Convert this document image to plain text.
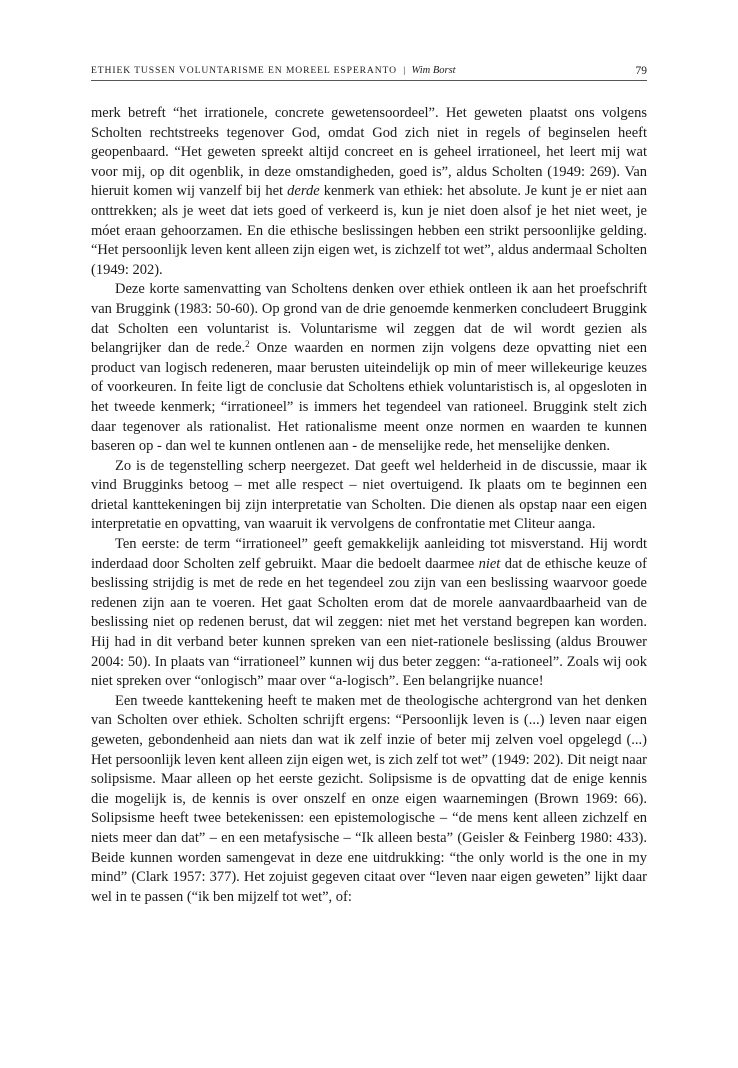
ETHIEK TUSSEN VOLUNTARISME EN MOREEL ESPERANTO | Wim Borst	79

merk betreft “het irrationele, concrete gewetensoordeel”. Het geweten plaatst ons volgens Scholten rechtstreeks tegenover God, omdat God zich niet in regels of beginselen heeft geopenbaard. “Het geweten spreekt altijd concreet en is geheel irrationeel, het leert mij wat voor mij, op dit ogenblik, in deze omstandigheden, goed is”, aldus Scholten (1949: 269). Van hieruit komen wij vanzelf bij het derde kenmerk van ethiek: het absolute. Je kunt je er niet aan onttrekken; als je weet dat iets goed of verkeerd is, kun je niet doen alsof je het niet weet, je móet eraan gehoorzamen. En die ethische beslissingen hebben een strikt persoonlijke gelding. “Het persoonlijk leven kent alleen zijn eigen wet, is zichzelf tot wet”, aldus andermaal Scholten (1949: 202).

Deze korte samenvatting van Scholtens denken over ethiek ontleen ik aan het proefschrift van Bruggink (1983: 50-60). Op grond van de drie genoemde kenmerken concludeert Bruggink dat Scholten een voluntarist is. Voluntarisme wil zeggen dat de wil wordt gezien als belangrijker dan de rede.$^2$ Onze waarden en normen zijn volgens deze opvatting niet een product van logisch redeneren, maar berusten uiteindelijk op min of meer willekeurige keuzes of voorkeuren. In feite ligt de conclusie dat Scholtens ethiek voluntaristisch is, al opgesloten in het tweede kenmerk; “irrationeel” is immers het tegendeel van rationeel. Bruggink stelt zich daar tegenover als rationalist. Het rationalisme meent onze normen en waarden te kunnen baseren op - dan wel te kunnen ontlenen aan - de menselijke rede, het menselijke denken.

Zo is de tegenstelling scherp neergezet. Dat geeft wel helderheid in de discussie, maar ik vind Brugginks betoog – met alle respect – niet overtuigend. Ik plaats om te beginnen een drietal kanttekeningen bij zijn interpretatie van Scholten. Die dienen als opstap naar een eigen interpretatie en opvatting, van waaruit ik vervolgens de confrontatie met Cliteur aanga.

Ten eerste: de term “irrationeel” geeft gemakkelijk aanleiding tot misverstand. Hij wordt inderdaad door Scholten zelf gebruikt. Maar die bedoelt daarmee niet dat de ethische keuze of beslissing strijdig is met de rede en het tegendeel zou zijn van een beslissing waarvoor goede redenen zijn aan te voeren. Het gaat Scholten erom dat de morele aanvaardbaarheid van de beslissing niet op redenen berust, dat wil zeggen: niet met het verstand begrepen kan worden. Hij had in dit verband beter kunnen spreken van een niet-rationele beslissing (aldus Brouwer 2004: 50). In plaats van “irrationeel” kunnen wij dus beter zeggen: “a-rationeel”. Zoals wij ook niet spreken over “onlogisch” maar over “a-logisch”. Een belangrijke nuance!

Een tweede kanttekening heeft te maken met de theologische achtergrond van het denken van Scholten over ethiek. Scholten schrijft ergens: “Persoonlijk leven is (...) leven naar eigen geweten, gebondenheid aan niets dan wat ik zelf inzie of beter mij zelven voel opgelegd (...) Het persoonlijk leven kent alleen zijn eigen wet, is zich zelf tot wet” (1949: 202). Dit neigt naar solipsisme. Maar alleen op het eerste gezicht. Solipsisme is de opvatting dat de enige kennis die mogelijk is, de kennis is over onszelf en onze eigen waarnemingen (Brown 1969: 66). Solipsisme heeft twee betekenissen: een epistemologische – “de mens kent alleen zichzelf en niets meer dan dat” – en een metafysische – “Ik alleen besta” (Geisler & Feinberg 1980: 433). Beide kunnen worden samengevat in deze ene uitdrukking: “the only world is the one in my mind” (Clark 1957: 377). Het zojuist gegeven citaat over “leven naar eigen geweten” lijkt daar wel in te passen (“ik ben mijzelf tot wet”, of:
